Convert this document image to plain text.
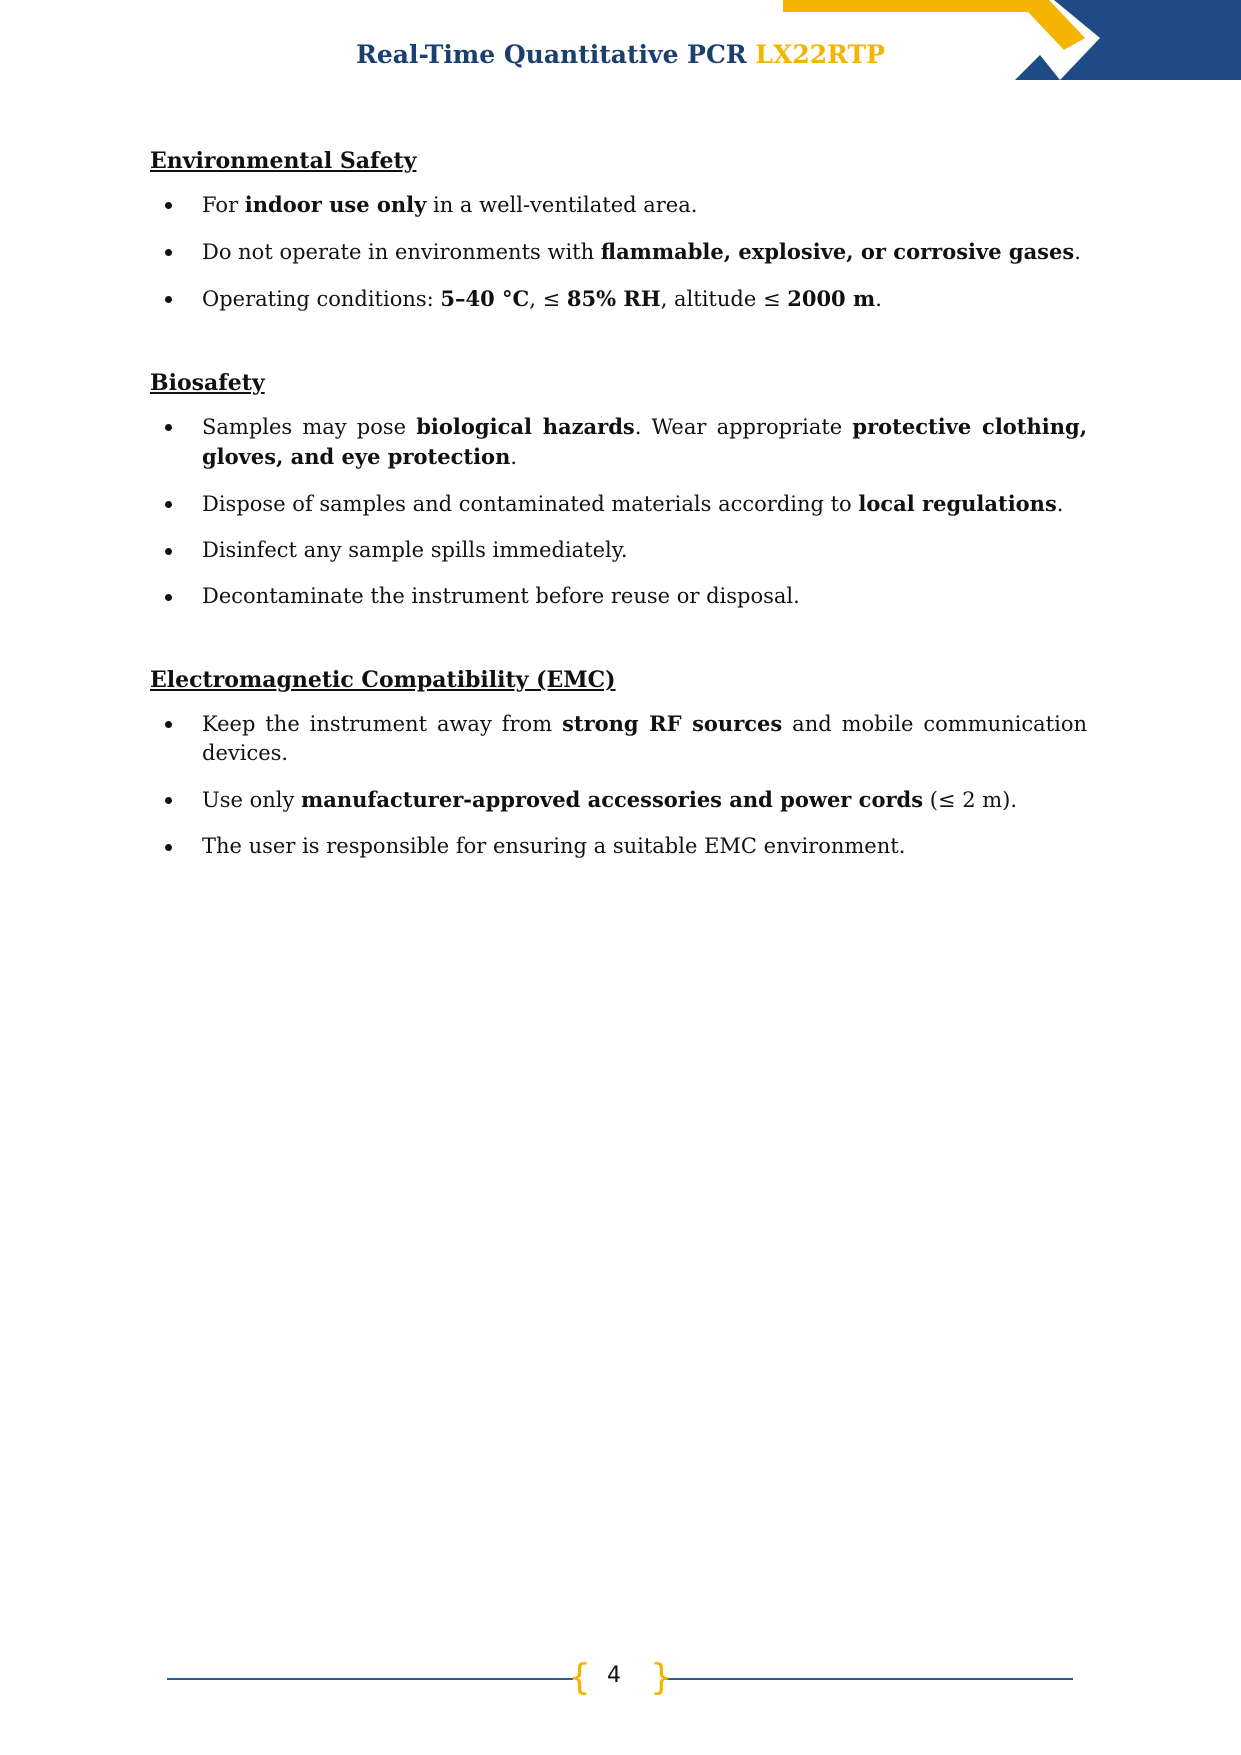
Real-Time Quantitative PCR LX22RTP
Environmental Safety
For indoor use only in a well-ventilated area.
Do not operate in environments with flammable, explosive, or corrosive gases.
Operating conditions: 5–40 °C, ≤ 85% RH, altitude ≤ 2000 m.
Biosafety
Samples may pose biological hazards. Wear appropriate protective clothing, gloves, and eye protection.
Dispose of samples and contaminated materials according to local regulations.
Disinfect any sample spills immediately.
Decontaminate the instrument before reuse or disposal.
Electromagnetic Compatibility (EMC)
Keep the instrument away from strong RF sources and mobile communication devices.
Use only manufacturer-approved accessories and power cords (≤ 2 m).
The user is responsible for ensuring a suitable EMC environment.
{ 4 }
